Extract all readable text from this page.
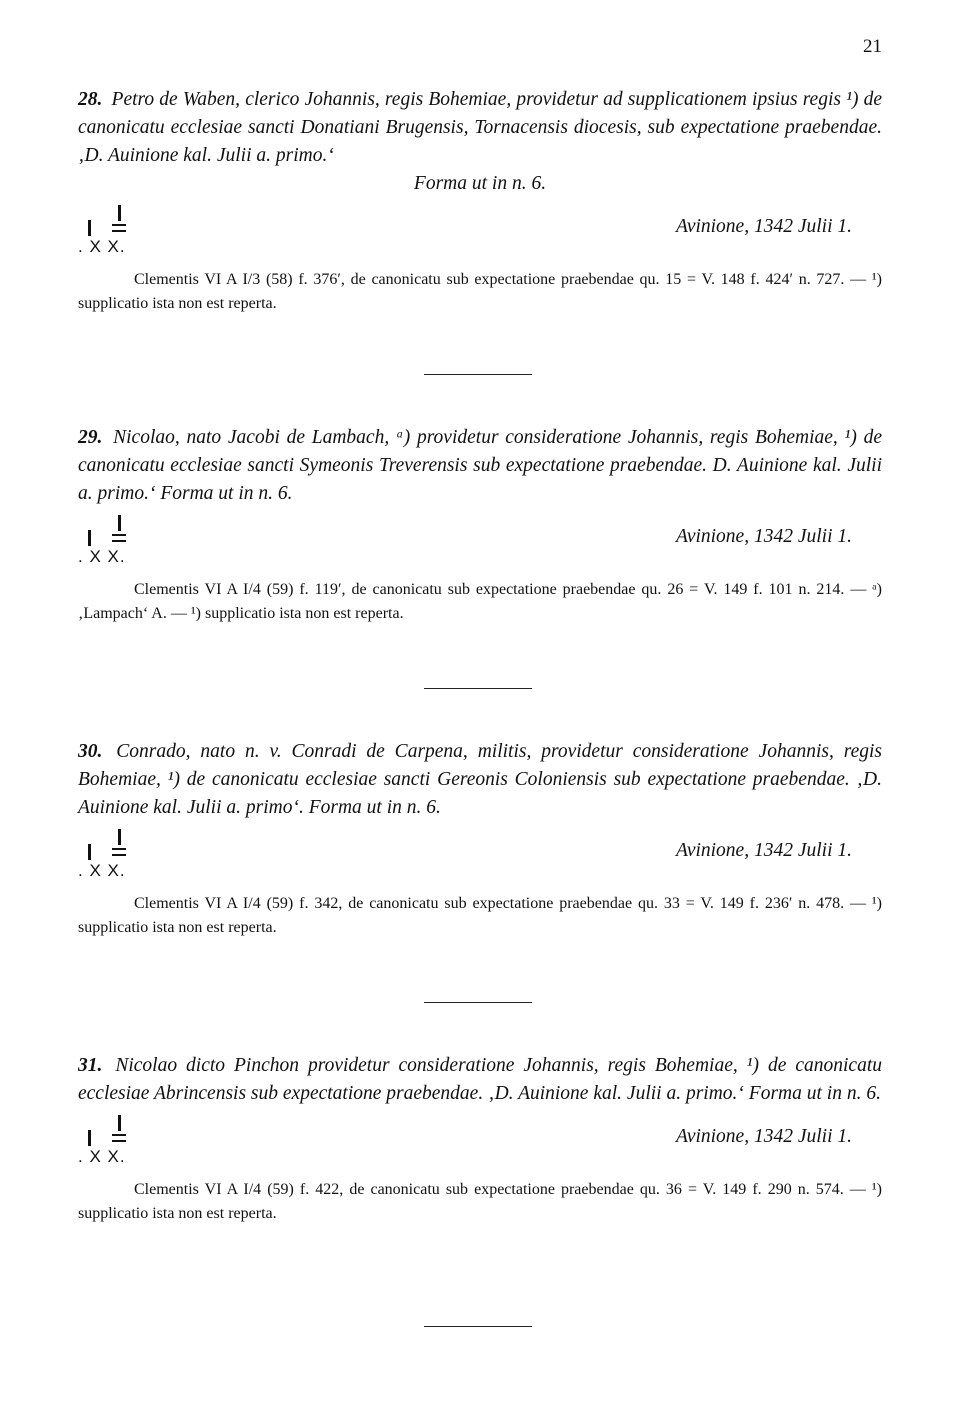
21

28. Petro de Waben, clerico Johannis, regis Bohemiae, providetur ad supplicationem ipsius regis ¹) de canonicatu ecclesiae sancti Donatiani Brugensis, Tornacensis diocesis, sub expectatione praebendae. ‚D. Auinione kal. Julii a. primo.‘
Forma ut in n. 6.

. X X.
Avinione, 1342 Julii 1.

Clementis VI A I/3 (58) f. 376′, de canonicatu sub expectatione praebendae qu. 15 = V. 148 f. 424′ n. 727. — ¹) supplicatio ista non est reperta.

29. Nicolao, nato Jacobi de Lambach, ᵃ) providetur consideratione Johannis, regis Bohemiae, ¹) de canonicatu ecclesiae sancti Symeonis Treverensis sub expectatione praebendae. D. Auinione kal. Julii a. primo.‘ Forma ut in n. 6.

. X X.
Avinione, 1342 Julii 1.

Clementis VI A I/4 (59) f. 119′, de canonicatu sub expectatione praebendae qu. 26 = V. 149 f. 101 n. 214. — ᵃ) ‚Lampach‘ A. — ¹) supplicatio ista non est reperta.

30. Conrado, nato n. v. Conradi de Carpena, militis, providetur consideratione Johannis, regis Bohemiae, ¹) de canonicatu ecclesiae sancti Gereonis Coloniensis sub expectatione praebendae. ‚D. Auinione kal. Julii a. primo‘. Forma ut in n. 6.

. X X.
Avinione, 1342 Julii 1.

Clementis VI A I/4 (59) f. 342, de canonicatu sub expectatione praebendae qu. 33 = V. 149 f. 236′ n. 478. — ¹) supplicatio ista non est reperta.

31. Nicolao dicto Pinchon providetur consideratione Johannis, regis Bohemiae, ¹) de canonicatu ecclesiae Abrincensis sub expectatione praebendae. ‚D. Auinione kal. Julii a. primo.‘ Forma ut in n. 6.

. X X.
Avinione, 1342 Julii 1.

Clementis VI A I/4 (59) f. 422, de canonicatu sub expectatione praebendae qu. 36 = V. 149 f. 290 n. 574. — ¹) supplicatio ista non est reperta.
